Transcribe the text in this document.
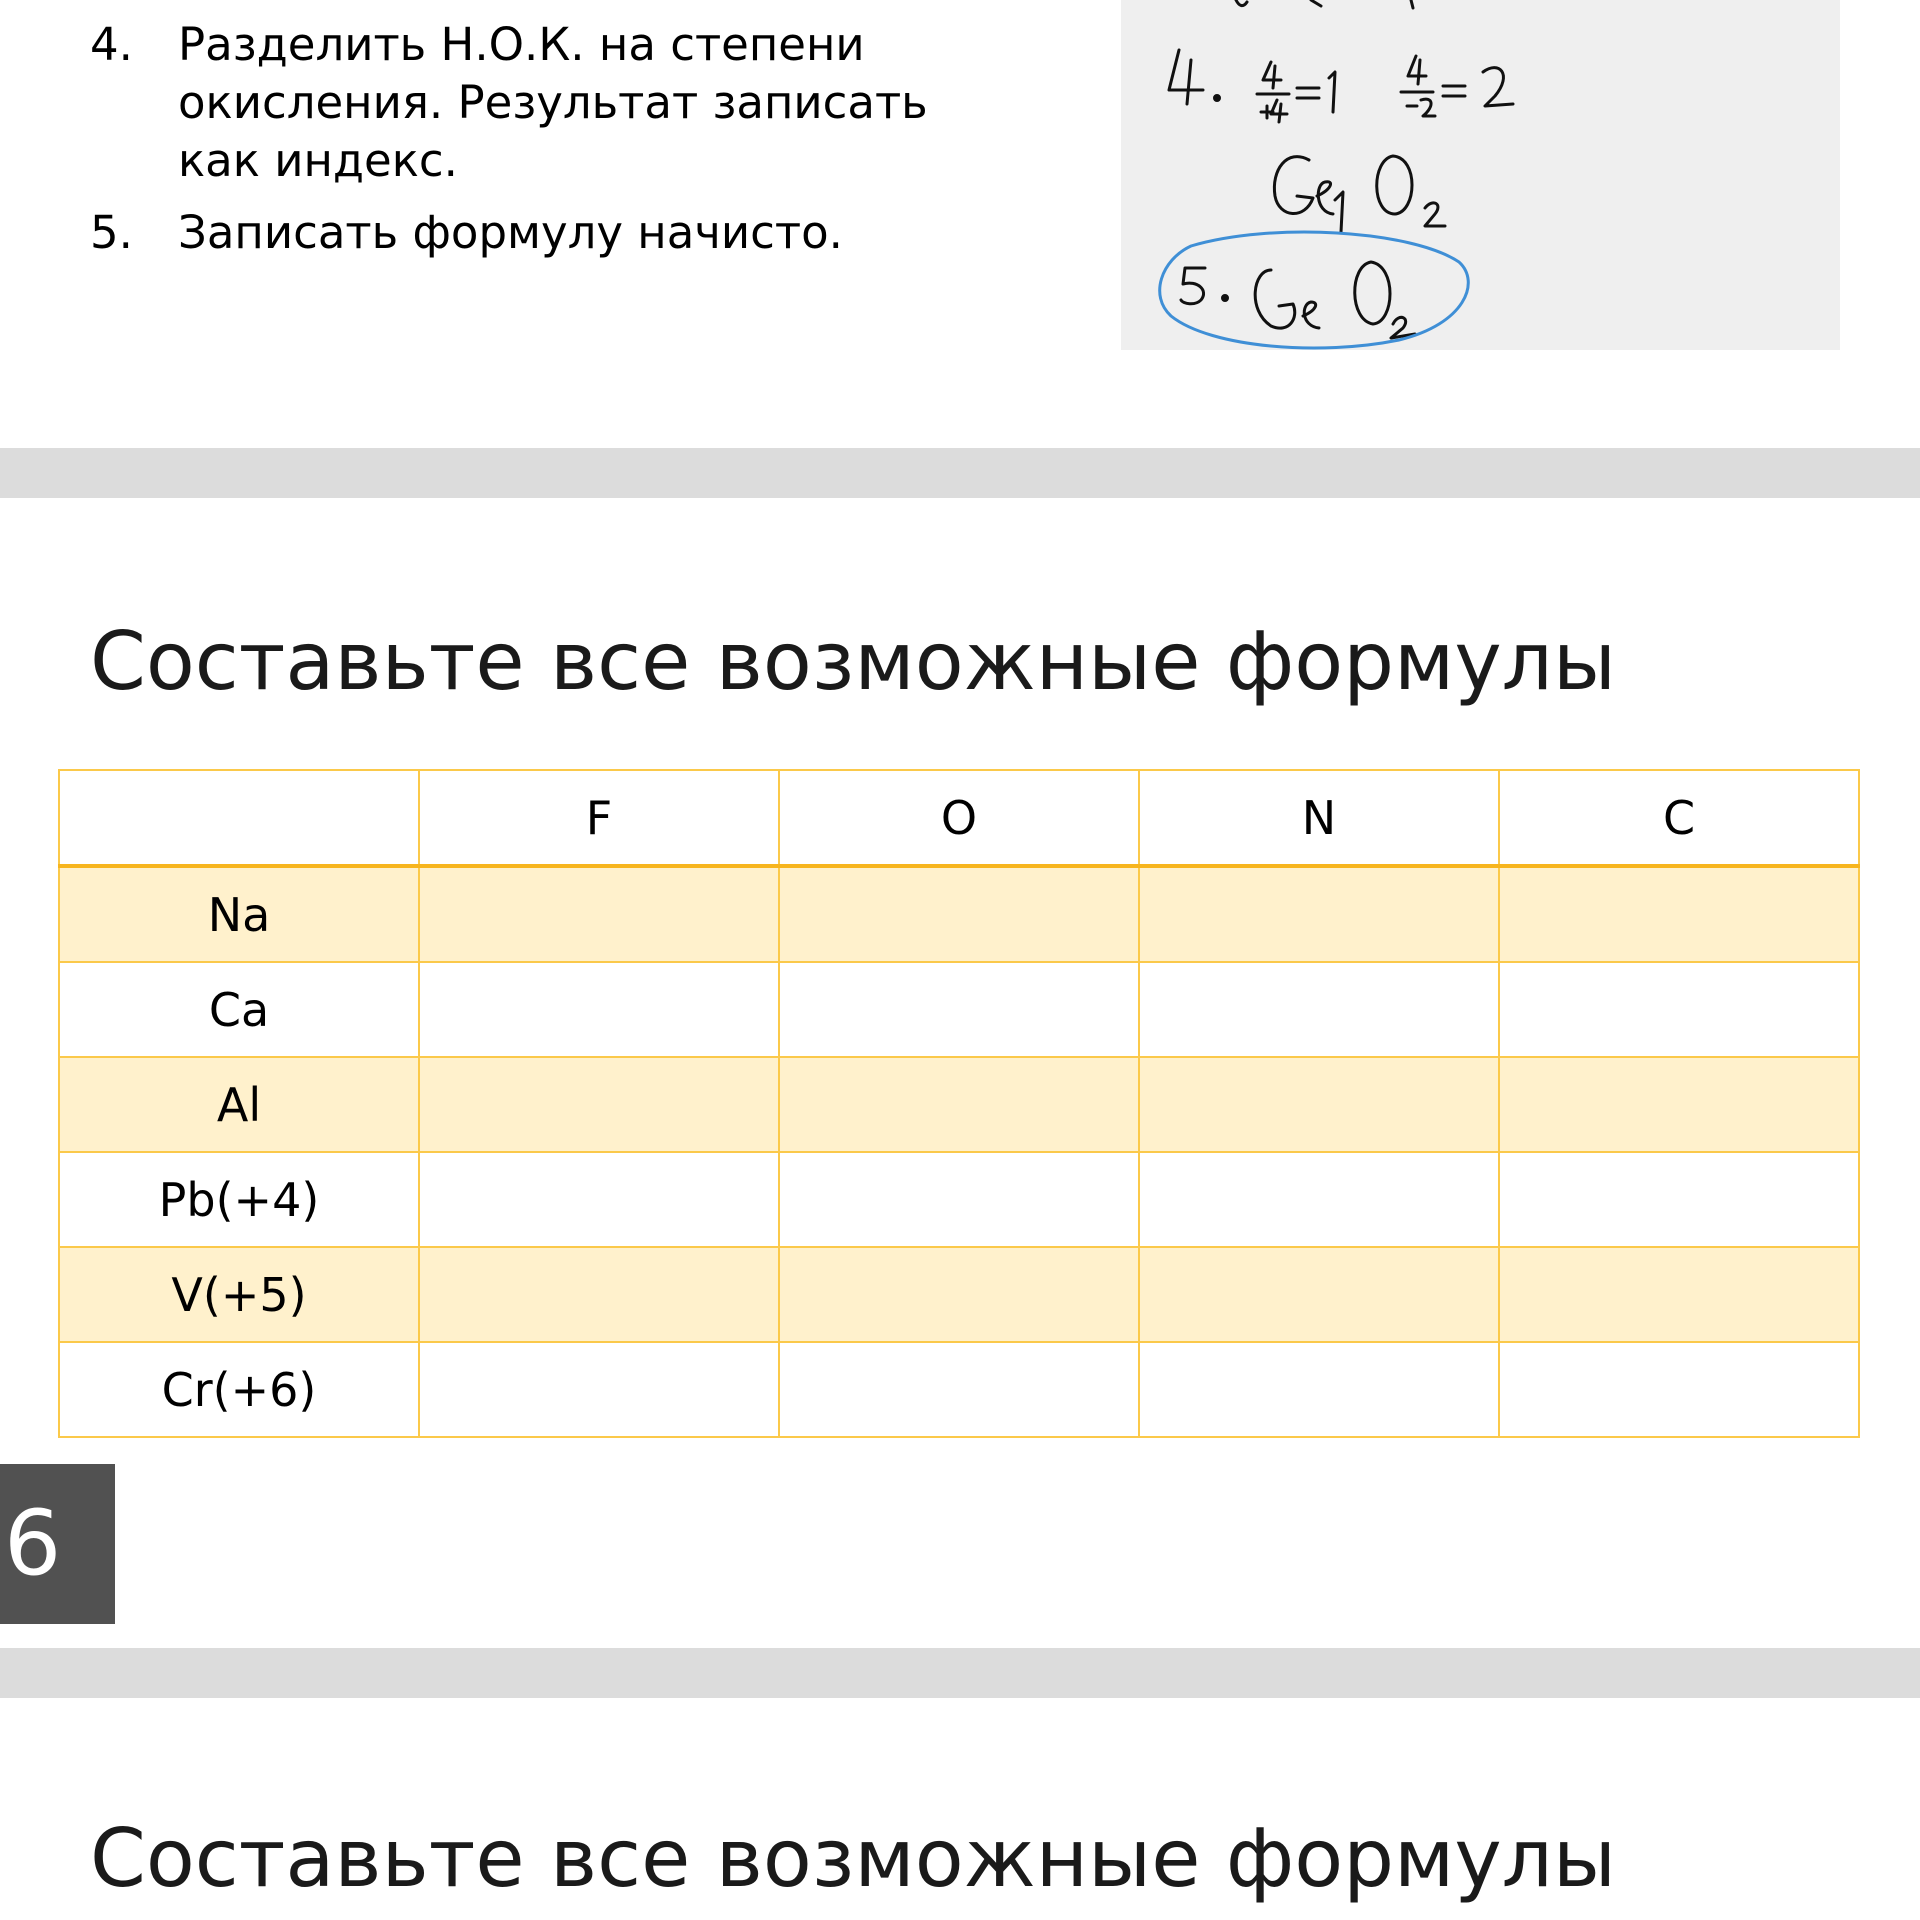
4.	Разделить Н.О.К. на степени окисления. Результат записать как индекс.
5.	Записать формулу начисто.
Составьте все возможные формулы
	F	O	N	C
Na				
Ca				
Al				
Pb(+4)				
V(+5)				
Cr(+6)				
6
Составьте все возможные формулы
